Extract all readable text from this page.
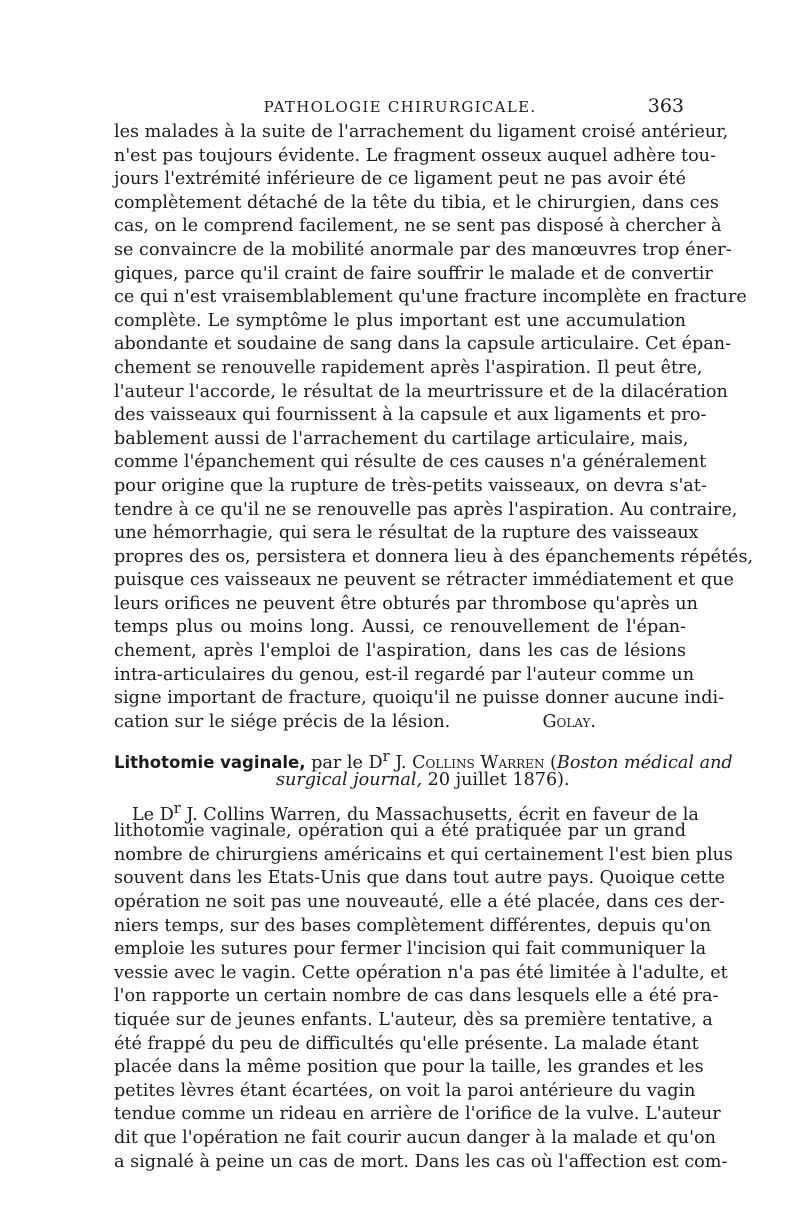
PATHOLOGIE CHIRURGICALE.	363
les malades à la suite de l'arrachement du ligament croisé antérieur,
n'est pas toujours évidente. Le fragment osseux auquel adhère tou-
jours l'extrémité inférieure de ce ligament peut ne pas avoir été
complètement détaché de la tête du tibia, et le chirurgien, dans ces
cas, on le comprend facilement, ne se sent pas disposé à chercher à
se convaincre de la mobilité anormale par des manœuvres trop éner-
giques, parce qu'il craint de faire souffrir le malade et de convertir
ce qui n'est vraisemblablement qu'une fracture incomplète en fracture
complète. Le symptôme le plus important est une accumulation
abondante et soudaine de sang dans la capsule articulaire. Cet épan-
chement se renouvelle rapidement après l'aspiration. Il peut être,
l'auteur l'accorde, le résultat de la meurtrissure et de la dilacération
des vaisseaux qui fournissent à la capsule et aux ligaments et pro-
bablement aussi de l'arrachement du cartilage articulaire, mais,
comme l'épanchement qui résulte de ces causes n'a généralement
pour origine que la rupture de très-petits vaisseaux, on devra s'at-
tendre à ce qu'il ne se renouvelle pas après l'aspiration. Au contraire,
une hémorrhagie, qui sera le résultat de la rupture des vaisseaux
propres des os, persistera et donnera lieu à des épanchements répétés,
puisque ces vaisseaux ne peuvent se rétracter immédiatement et que
leurs orifices ne peuvent être obturés par thrombose qu'après un
temps plus ou moins long. Aussi, ce renouvellement de l'épan-
chement, après l'emploi de l'aspiration, dans les cas de lésions
intra-articulaires du genou, est-il regardé par l'auteur comme un
signe important de fracture, quoiqu'il ne puisse donner aucune indi-
cation sur le siége précis de la lésion.	Golay.
Lithotomie vaginale, par le $D^r$ J. Collins Warren (Boston médical and
surgical journal, 20 juillet 1876).
Le $D^r$ J. Collins Warren, du Massachusetts, écrit en faveur de la
lithotomie vaginale, opération qui a été pratiquée par un grand
nombre de chirurgiens américains et qui certainement l'est bien plus
souvent dans les Etats-Unis que dans tout autre pays. Quoique cette
opération ne soit pas une nouveauté, elle a été placée, dans ces der-
niers temps, sur des bases complètement différentes, depuis qu'on
emploie les sutures pour fermer l'incision qui fait communiquer la
vessie avec le vagin. Cette opération n'a pas été limitée à l'adulte, et
l'on rapporte un certain nombre de cas dans lesquels elle a été pra-
tiquée sur de jeunes enfants. L'auteur, dès sa première tentative, a
été frappé du peu de difficultés qu'elle présente. La malade étant
placée dans la même position que pour la taille, les grandes et les
petites lèvres étant écartées, on voit la paroi antérieure du vagin
tendue comme un rideau en arrière de l'orifice de la vulve. L'auteur
dit que l'opération ne fait courir aucun danger à la malade et qu'on
a signalé à peine un cas de mort. Dans les cas où l'affection est com-
